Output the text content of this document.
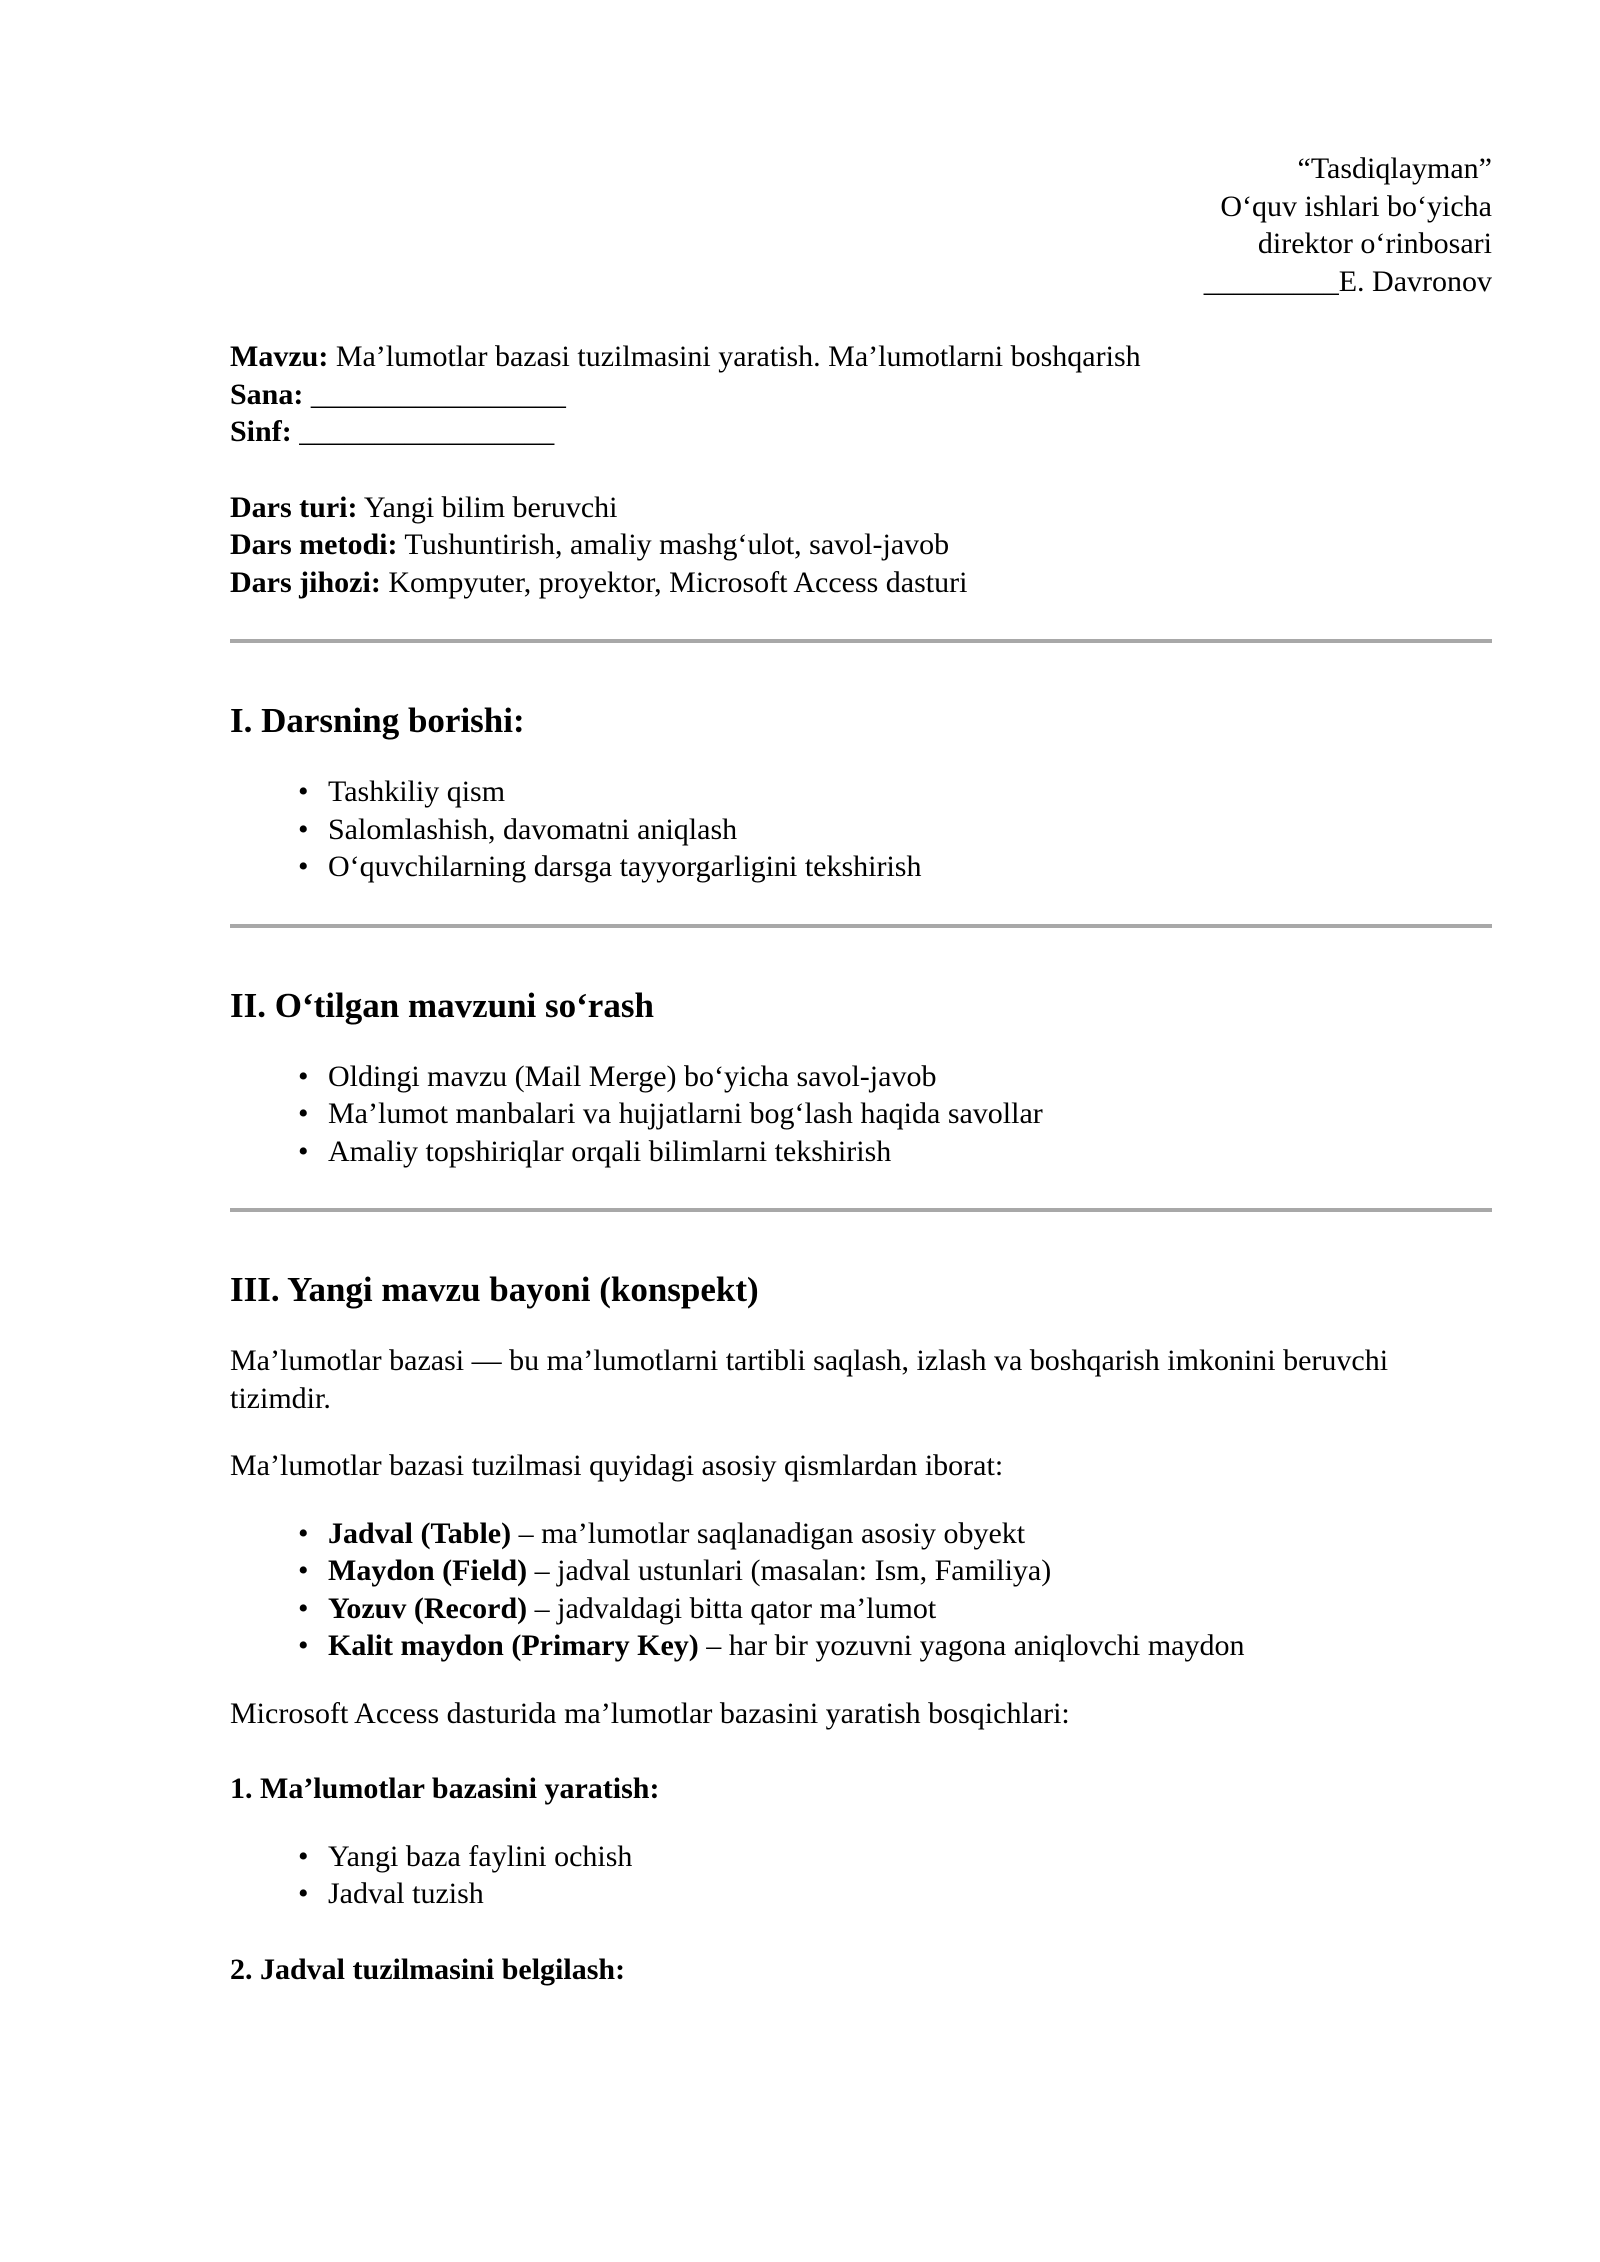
“Tasdiqlayman”
O‘quv ishlari bo‘yicha
direktor o‘rinbosari
_________E. Davronov
Mavzu: Ma’lumotlar bazasi tuzilmasini yaratish. Ma’lumotlarni boshqarish
Sana: _________________
Sinf: _________________
Dars turi: Yangi bilim beruvchi
Dars metodi: Tushuntirish, amaliy mashg‘ulot, savol-javob
Dars jihozi: Kompyuter, proyektor, Microsoft Access dasturi
I. Darsning borishi:
• Tashkiliy qism
• Salomlashish, davomatni aniqlash
• O‘quvchilarning darsga tayyorgarligini tekshirish
II. O‘tilgan mavzuni so‘rash
• Oldingi mavzu (Mail Merge) bo‘yicha savol-javob
• Ma’lumot manbalari va hujjatlarni bog‘lash haqida savollar
• Amaliy topshiriqlar orqali bilimlarni tekshirish
III. Yangi mavzu bayoni (konspekt)

Ma’lumotlar bazasi — bu ma’lumotlarni tartibli saqlash, izlash va boshqarish imkonini beruvchi tizimdir.

Ma’lumotlar bazasi tuzilmasi quyidagi asosiy qismlardan iborat:

• Jadval (Table) – ma’lumotlar saqlanadigan asosiy obyekt
• Maydon (Field) – jadval ustunlari (masalan: Ism, Familiya)
• Yozuv (Record) – jadvaldagi bitta qator ma’lumot
• Kalit maydon (Primary Key) – har bir yozuvni yagona aniqlovchi maydon

Microsoft Access dasturida ma’lumotlar bazasini yaratish bosqichlari:

1. Ma’lumotlar bazasini yaratish:
• Yangi baza faylini ochish
• Jadval tuzish
2. Jadval tuzilmasini belgilash:
